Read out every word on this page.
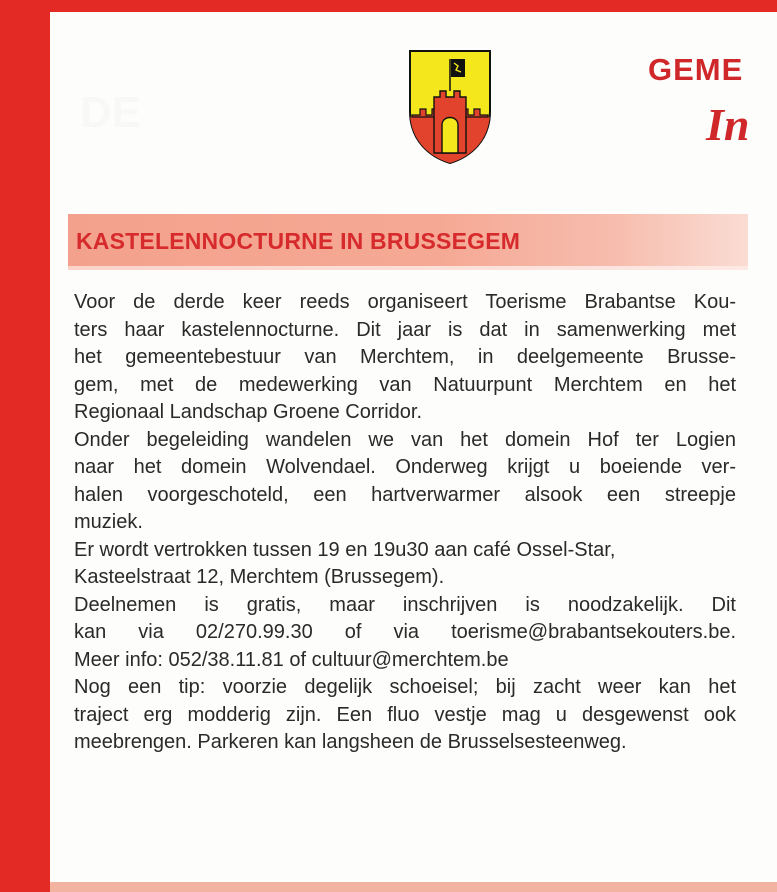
GEME
In
KASTELENNOCTURNE IN BRUSSEGEM
Voor de derde keer reeds organiseert Toerisme Brabantse Kou-
ters haar kastelennocturne. Dit jaar is dat in samenwerking met
het gemeentebestuur van Merchtem, in deelgemeente Brusse-
gem, met de medewerking van Natuurpunt Merchtem en het
Regionaal Landschap Groene Corridor.
Onder begeleiding wandelen we van het domein Hof ter Logien
naar het domein Wolvendael. Onderweg krijgt u boeiende ver-
halen voorgeschoteld, een hartverwarmer alsook een streepje
muziek.
Er wordt vertrokken tussen 19 en 19u30 aan café Ossel-Star,
Kasteelstraat 12, Merchtem (Brussegem).
Deelnemen is gratis, maar inschrijven is noodzakelijk. Dit
kan via 02/270.99.30 of via toerisme@brabantsekouters.be.
Meer info: 052/38.11.81 of cultuur@merchtem.be
Nog een tip: voorzie degelijk schoeisel; bij zacht weer kan het
traject erg modderig zijn. Een fluo vestje mag u desgewenst ook
meebrengen. Parkeren kan langsheen de Brusselsesteenweg.
